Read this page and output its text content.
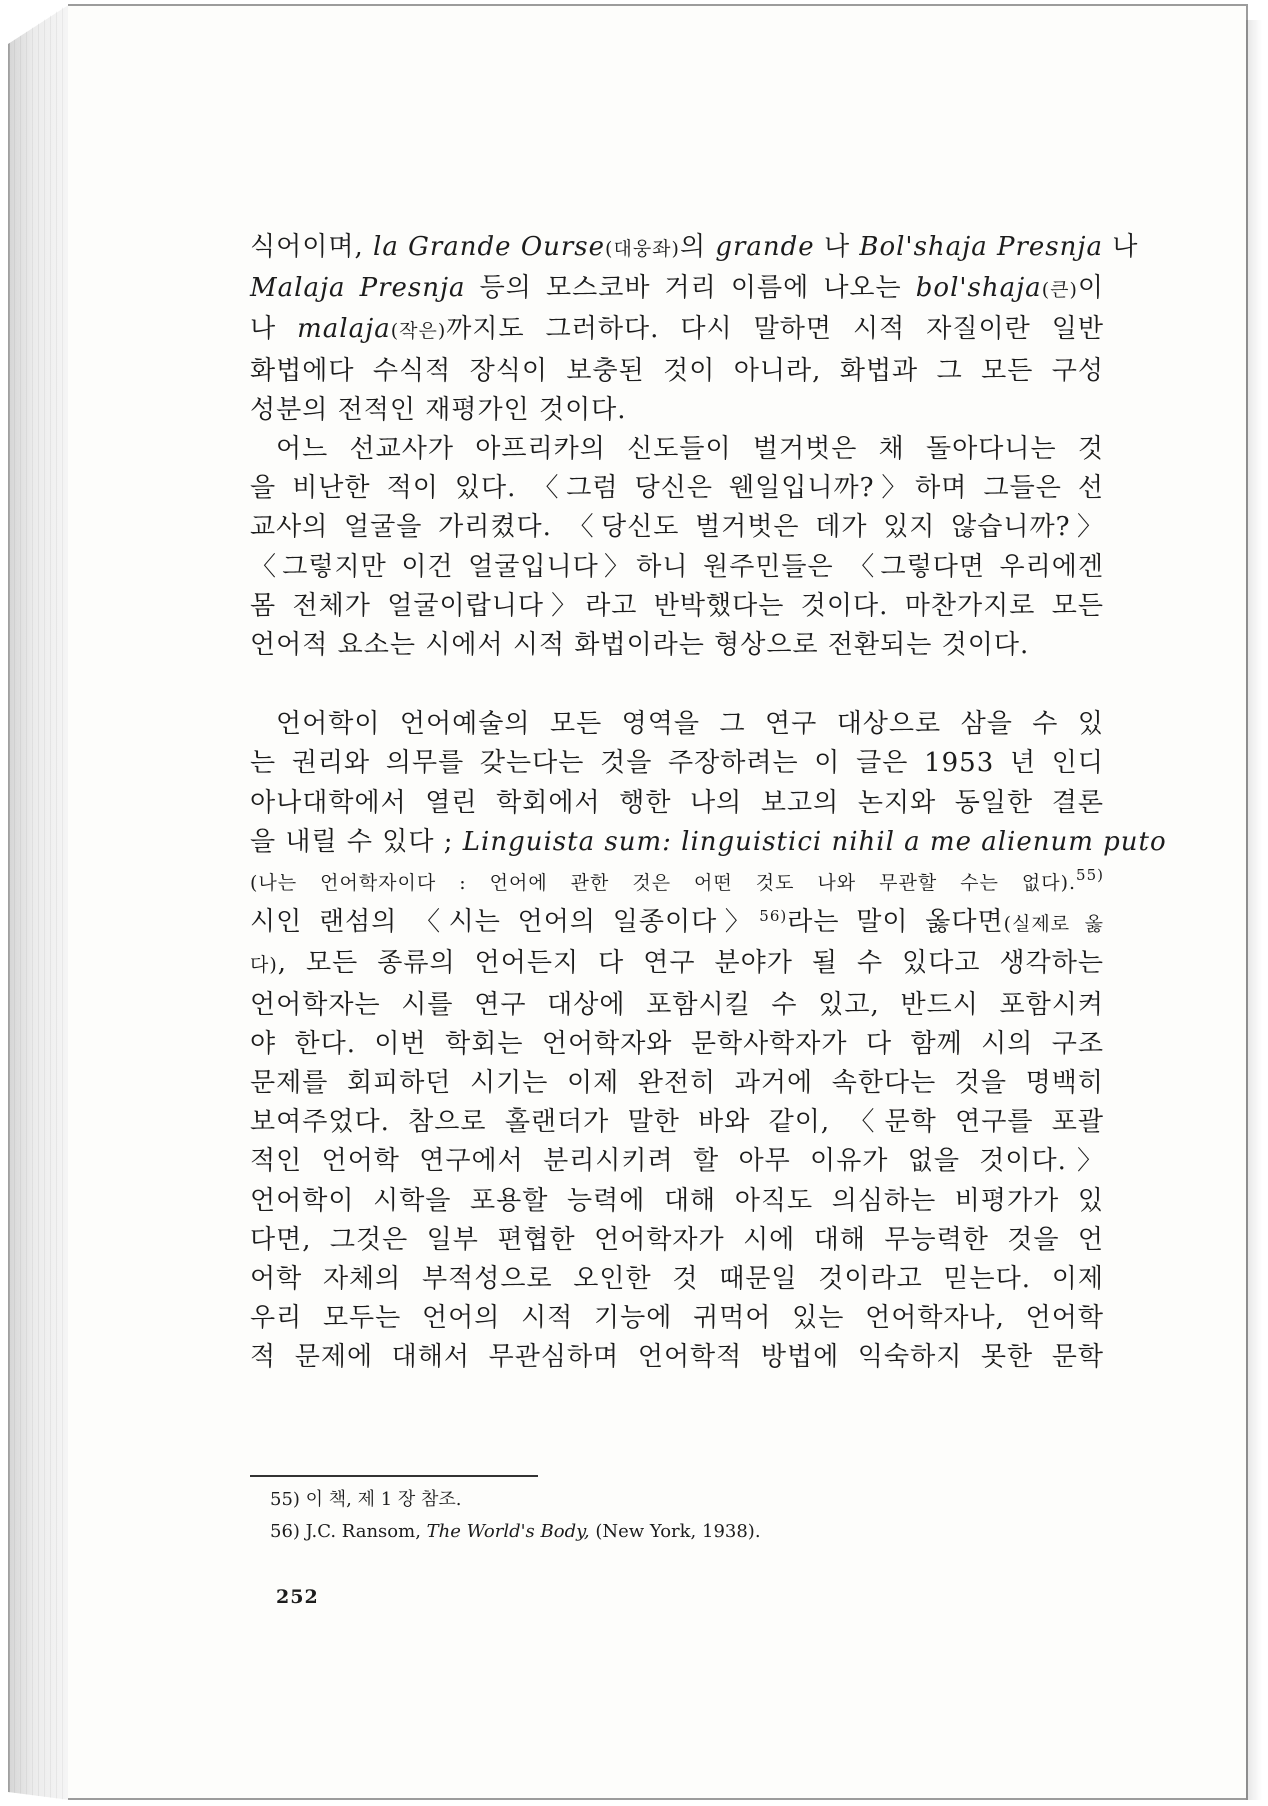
식어이며, la Grande Ourse(대웅좌)의 grande 나 Bol'shaja Presnja 나
Malaja Presnja 등의 모스코바 거리 이름에 나오는 bol'shaja(큰)이
나 malaja(작은)까지도 그러하다. 다시 말하면 시적 자질이란 일반
화법에다 수식적 장식이 보충된 것이 아니라, 화법과 그 모든 구성
성분의 전적인 재평가인 것이다.
어느 선교사가 아프리카의 신도들이 벌거벗은 채 돌아다니는 것
을 비난한 적이 있다. 〈그럼 당신은 웬일입니까?〉하며 그들은 선
교사의 얼굴을 가리켰다. 〈당신도 벌거벗은 데가 있지 않습니까?〉
〈그렇지만 이건 얼굴입니다〉하니 원주민들은 〈그렇다면 우리에겐
몸 전체가 얼굴이랍니다〉라고 반박했다는 것이다. 마찬가지로 모든
언어적 요소는 시에서 시적 화법이라는 형상으로 전환되는 것이다.
언어학이 언어예술의 모든 영역을 그 연구 대상으로 삼을 수 있
는 권리와 의무를 갖는다는 것을 주장하려는 이 글은 1953 년 인디
아나대학에서 열린 학회에서 행한 나의 보고의 논지와 동일한 결론
을 내릴 수 있다 ; Linguista sum: linguistici nihil a me alienum puto
(나는 언어학자이다 : 언어에 관한 것은 어떤 것도 나와 무관할 수는 없다).$^{55)}$
시인 랜섬의 〈시는 언어의 일종이다〉$^{56)}$라는 말이 옳다면(실제로 옳
다), 모든 종류의 언어든지 다 연구 분야가 될 수 있다고 생각하는
언어학자는 시를 연구 대상에 포함시킬 수 있고, 반드시 포함시켜
야 한다. 이번 학회는 언어학자와 문학사학자가 다 함께 시의 구조
문제를 회피하던 시기는 이제 완전히 과거에 속한다는 것을 명백히
보여주었다. 참으로 홀랜더가 말한 바와 같이, 〈문학 연구를 포괄
적인 언어학 연구에서 분리시키려 할 아무 이유가 없을 것이다.〉
언어학이 시학을 포용할 능력에 대해 아직도 의심하는 비평가가 있
다면, 그것은 일부 편협한 언어학자가 시에 대해 무능력한 것을 언
어학 자체의 부적성으로 오인한 것 때문일 것이라고 믿는다. 이제
우리 모두는 언어의 시적 기능에 귀먹어 있는 언어학자나, 언어학
적 문제에 대해서 무관심하며 언어학적 방법에 익숙하지 못한 문학
55) 이 책, 제 1 장 참조.
56) J.C. Ransom, The World's Body, (New York, 1938).
252
